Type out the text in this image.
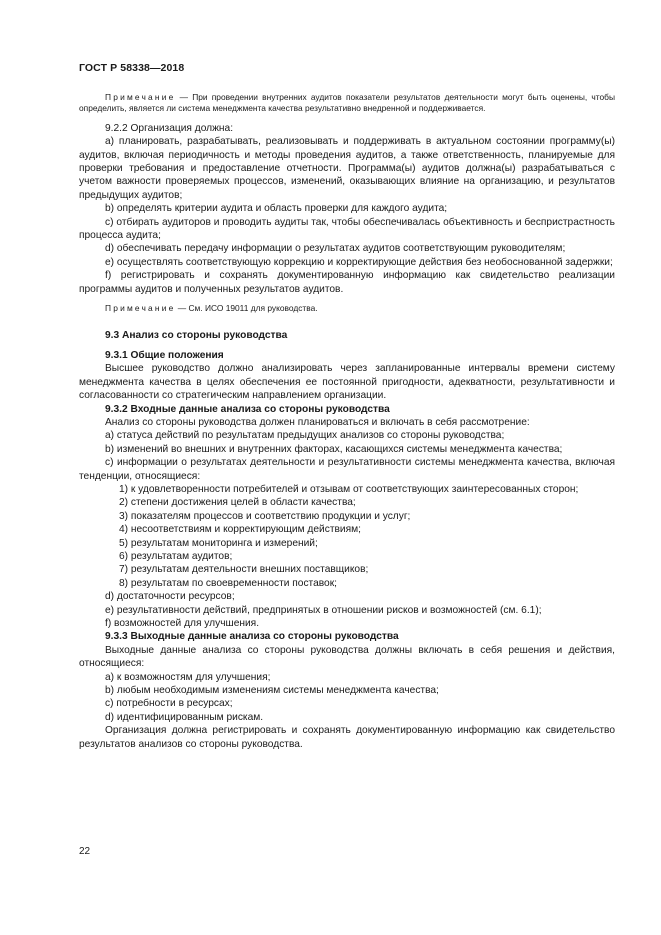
ГОСТ Р 58338—2018

Примечание — При проведении внутренних аудитов показатели результатов деятельности могут быть оценены, чтобы определить, является ли система менеджмента качества результативно внедренной и поддерживается.

9.2.2 Организация должна:

a) планировать, разрабатывать, реализовывать и поддерживать в актуальном состоянии программу(ы) аудитов, включая периодичность и методы проведения аудитов, а также ответственность, планируемые для проверки требования и предоставление отчетности. Программа(ы) аудитов должна(ы) разрабатываться с учетом важности проверяемых процессов, изменений, оказывающих влияние на организацию, и результатов предыдущих аудитов;

b) определять критерии аудита и область проверки для каждого аудита;

c) отбирать аудиторов и проводить аудиты так, чтобы обеспечивалась объективность и беспристрастность процесса аудита;

d) обеспечивать передачу информации о результатах аудитов соответствующим руководителям;

e) осуществлять соответствующую коррекцию и корректирующие действия без необоснованной задержки;

f) регистрировать и сохранять документированную информацию как свидетельство реализации программы аудитов и полученных результатов аудитов.

Примечание — См. ИСО 19011 для руководства.

9.3 Анализ со стороны руководства

9.3.1 Общие положения

Высшее руководство должно анализировать через запланированные интервалы времени систему менеджмента качества в целях обеспечения ее постоянной пригодности, адекватности, результативности и согласованности со стратегическим направлением организации.

9.3.2 Входные данные анализа со стороны руководства

Анализ со стороны руководства должен планироваться и включать в себя рассмотрение:

a) статуса действий по результатам предыдущих анализов со стороны руководства;

b) изменений во внешних и внутренних факторах, касающихся системы менеджмента качества;

c) информации о результатах деятельности и результативности системы менеджмента качества, включая тенденции, относящиеся:

1) к удовлетворенности потребителей и отзывам от соответствующих заинтересованных сторон;

2) степени достижения целей в области качества;

3) показателям процессов и соответствию продукции и услуг;

4) несоответствиям и корректирующим действиям;

5) результатам мониторинга и измерений;

6) результатам аудитов;

7) результатам деятельности внешних поставщиков;

8) результатам по своевременности поставок;

d) достаточности ресурсов;

e) результативности действий, предпринятых в отношении рисков и возможностей (см. 6.1);

f) возможностей для улучшения.

9.3.3 Выходные данные анализа со стороны руководства

Выходные данные анализа со стороны руководства должны включать в себя решения и действия, относящиеся:

a) к возможностям для улучшения;

b) любым необходимым изменениям системы менеджмента качества;

c) потребности в ресурсах;

d) идентифицированным рискам.

Организация должна регистрировать и сохранять документированную информацию как свидетельство результатов анализов со стороны руководства.

22
